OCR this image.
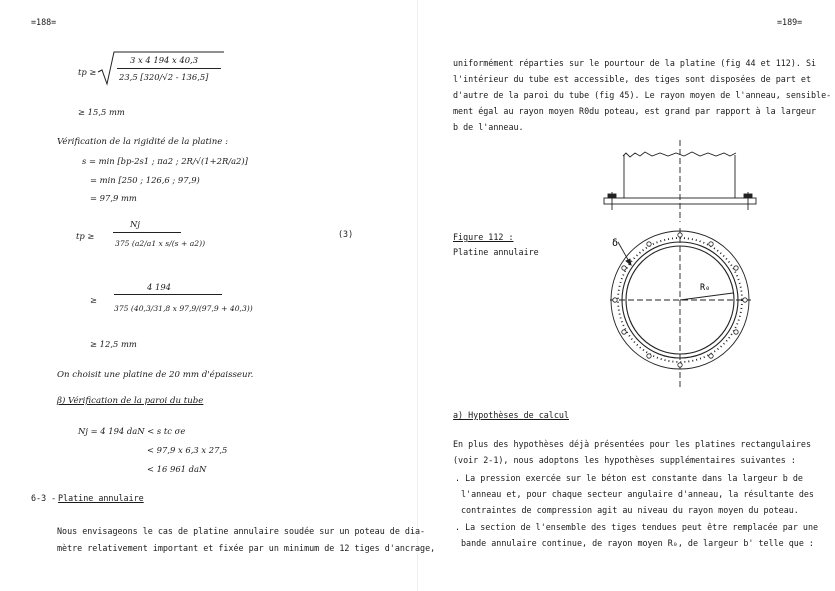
=188=
tp ≥
3 x 4 194 x 40,3
23,5 [320/√2 - 136,5]
≥ 15,5 mm
Vérification de la rigidité de la platine :
s = min [bp-2s1 ; πa2 ; 2R/√(1+2R/a2)]
= min [250 ; 126,6 ; 97,9)
= 97,9 mm
tp ≥
Nj
375 (a2/a1 x s/(s + a2))
(3)
≥
4 194
375 (40,3/31,8 x 97,9/(97,9 + 40,3))
≥ 12,5 mm
On choisit une platine de 20 mm d'épaisseur.
β) Vérification de la paroi du tube
Nj = 4 194 daN < s tc σe
< 97,9 x 6,3 x 27,5
< 16 961 daN
6-3 - Platine annulaire
Nous envisageons le cas de platine annulaire soudée sur un poteau de dia-
mètre relativement important et fixée par un minimum de 12 tiges d'ancrage,
=189=
uniformément réparties sur le pourtour de la platine (fig 44 et 112). Si
l'intérieur du tube est accessible, des tiges sont disposées de part et
d'autre de la paroi du tube (fig 45). Le rayon moyen de l'anneau, sensible-
ment égal au rayon moyen R0du poteau, est grand par rapport à la largeur
b de l'anneau.
Figure 112 :
Platine annulaire
δ
R₀
a) Hypothèses de calcul
En plus des hypothèses déjà présentées pour les platines rectangulaires
(voir 2-1), nous adoptons les hypothèses supplémentaires suivantes :
. La pression exercée sur le béton est constante dans la largeur b de
l'anneau et, pour chaque secteur angulaire d'anneau, la résultante des
contraintes de compression agit au niveau du rayon moyen du poteau.
. La section de l'ensemble des tiges tendues peut être remplacée par une
bande annulaire continue, de rayon moyen R₀, de largeur b' telle que :
